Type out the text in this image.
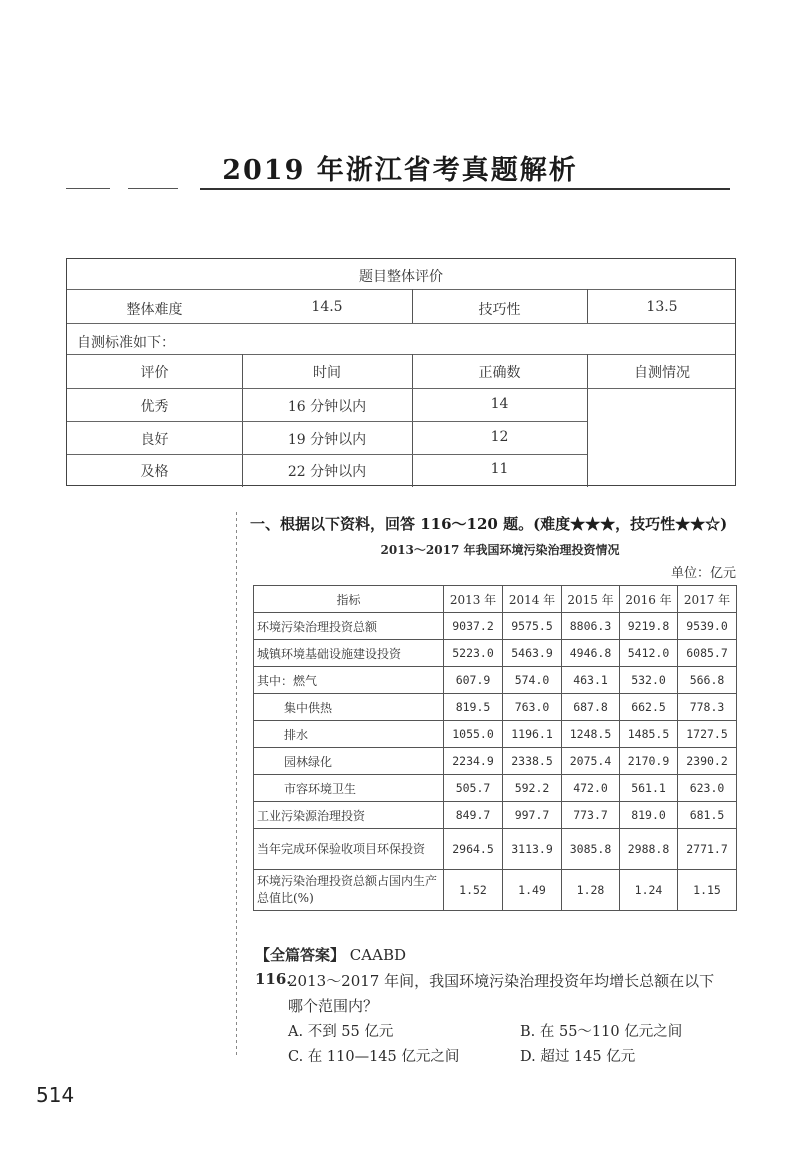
2019 年浙江省考真题解析
题目整体评价
整体难度	14.5	技巧性	13.5
自测标准如下：
评价	时间	正确数	自测情况
优秀	16 分钟以内	14
良好	19 分钟以内	12
及格	22 分钟以内	11
一、根据以下资料，回答 116～120 题。(难度★★★，技巧性★★☆)
2013～2017 年我国环境污染治理投资情况
单位：亿元
指标	2013 年	2014 年	2015 年	2016 年	2017 年
环境污染治理投资总额	9037.2	9575.5	8806.3	9219.8	9539.0
城镇环境基础设施建设投资	5223.0	5463.9	4946.8	5412.0	6085.7
其中：燃气	607.9	574.0	463.1	532.0	566.8
集中供热	819.5	763.0	687.8	662.5	778.3
排水	1055.0	1196.1	1248.5	1485.5	1727.5
园林绿化	2234.9	2338.5	2075.4	2170.9	2390.2
市容环境卫生	505.7	592.2	472.0	561.1	623.0
工业污染源治理投资	849.7	997.7	773.7	819.0	681.5
当年完成环保验收项目环保投资	2964.5	3113.9	3085.8	2988.8	2771.7
环境污染治理投资总额占国内生产总值比(%)	1.52	1.49	1.28	1.24	1.15
【全篇答案】 CAABD
116.
2013～2017 年间，我国环境污染治理投资年均增长总额在以下
哪个范围内？
A. 不到 55 亿元	B. 在 55～110 亿元之间
C. 在 110—145 亿元之间	D. 超过 145 亿元
514
